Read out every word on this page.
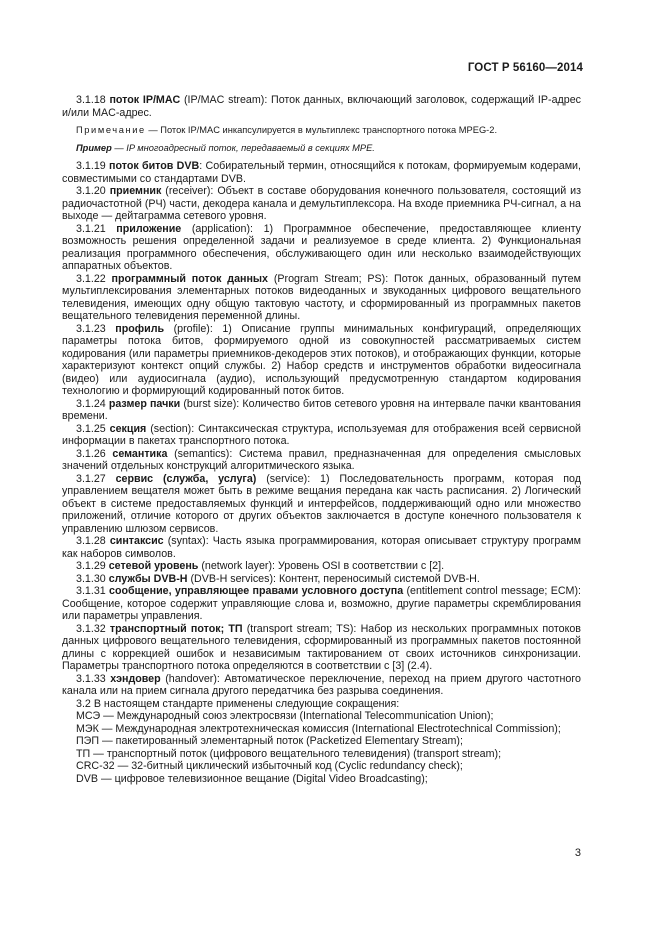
ГОСТ Р 56160—2014

3.1.18 поток IP/MAC (IP/MAC stream): Поток данных, включающий заголовок, содержащий IP-адрес и/или MAC-адрес.

Примечание — Поток IP/MAC инкапсулируется в мультиплекс транспортного потока MPEG-2.

Пример — IP многоадресный поток, передаваемый в секциях MPE.

3.1.19 поток битов DVB: Собирательный термин, относящийся к потокам, формируемым кодерами, совместимыми со стандартами DVB.

3.1.20 приемник (receiver): Объект в составе оборудования конечного пользователя, состоящий из радиочастотной (РЧ) части, декодера канала и демультиплексора. На входе приемника РЧ-сигнал, а на выходе — дейтаграмма сетевого уровня.

3.1.21 приложение (application): 1) Программное обеспечение, предоставляющее клиенту возможность решения определенной задачи и реализуемое в среде клиента. 2) Функциональная реализация программного обеспечения, обслуживающего один или несколько взаимодействующих аппаратных объектов.

3.1.22 программный поток данных (Program Stream; PS): Поток данных, образованный путем мультиплексирования элементарных потоков видеоданных и звукоданных цифрового вещательного телевидения, имеющих одну общую тактовую частоту, и сформированный из программных пакетов вещательного телевидения переменной длины.

3.1.23 профиль (profile): 1) Описание группы минимальных конфигураций, определяющих параметры потока битов, формируемого одной из совокупностей рассматриваемых систем кодирования (или параметры приемников-декодеров этих потоков), и отображающих функции, которые характеризуют контекст опций службы. 2) Набор средств и инструментов обработки видеосигнала (видео) или аудиосигнала (аудио), использующий предусмотренную стандартом кодирования технологию и формирующий кодированный поток битов.

3.1.24 размер пачки (burst size): Количество битов сетевого уровня на интервале пачки квантования времени.

3.1.25 секция (section): Синтаксическая структура, используемая для отображения всей сервисной информации в пакетах транспортного потока.

3.1.26 семантика (semantics): Система правил, предназначенная для определения смысловых значений отдельных конструкций алгоритмического языка.

3.1.27 сервис (служба, услуга) (service): 1) Последовательность программ, которая под управлением вещателя может быть в режиме вещания передана как часть расписания. 2) Логический объект в системе предоставляемых функций и интерфейсов, поддерживающий одно или множество приложений, отличие которого от других объектов заключается в доступе конечного пользователя к управлению шлюзом сервисов.

3.1.28 синтаксис (syntax): Часть языка программирования, которая описывает структуру программ как наборов символов.

3.1.29 сетевой уровень (network layer): Уровень OSI в соответствии с [2].

3.1.30 службы DVB-H (DVB-H services): Контент, переносимый системой DVB-H.

3.1.31 сообщение, управляющее правами условного доступа (entitlement control message; ECM): Сообщение, которое содержит управляющие слова и, возможно, другие параметры скремблирования или параметры управления.

3.1.32 транспортный поток; ТП (transport stream; TS): Набор из нескольких программных потоков данных цифрового вещательного телевидения, сформированный из программных пакетов постоянной длины с коррекцией ошибок и независимым тактированием от своих источников синхронизации. Параметры транспортного потока определяются в соответствии с [3] (2.4).

3.1.33 хэндовер (handover): Автоматическое переключение, переход на прием другого частотного канала или на прием сигнала другого передатчика без разрыва соединения.

3.2 В настоящем стандарте применены следующие сокращения:

МСЭ — Международный союз электросвязи (International Telecommunication Union);
МЭК — Международная электротехническая комиссия (International Electrotechnical Commission);
ПЭП — пакетированный элементарный поток (Packetized Elementary Stream);
ТП — транспортный поток (цифрового вещательного телевидения) (transport stream);
CRC-32 — 32-битный циклический избыточный код (Cyclic redundancy check);
DVB — цифровое телевизионное вещание (Digital Video Broadcasting);
3
